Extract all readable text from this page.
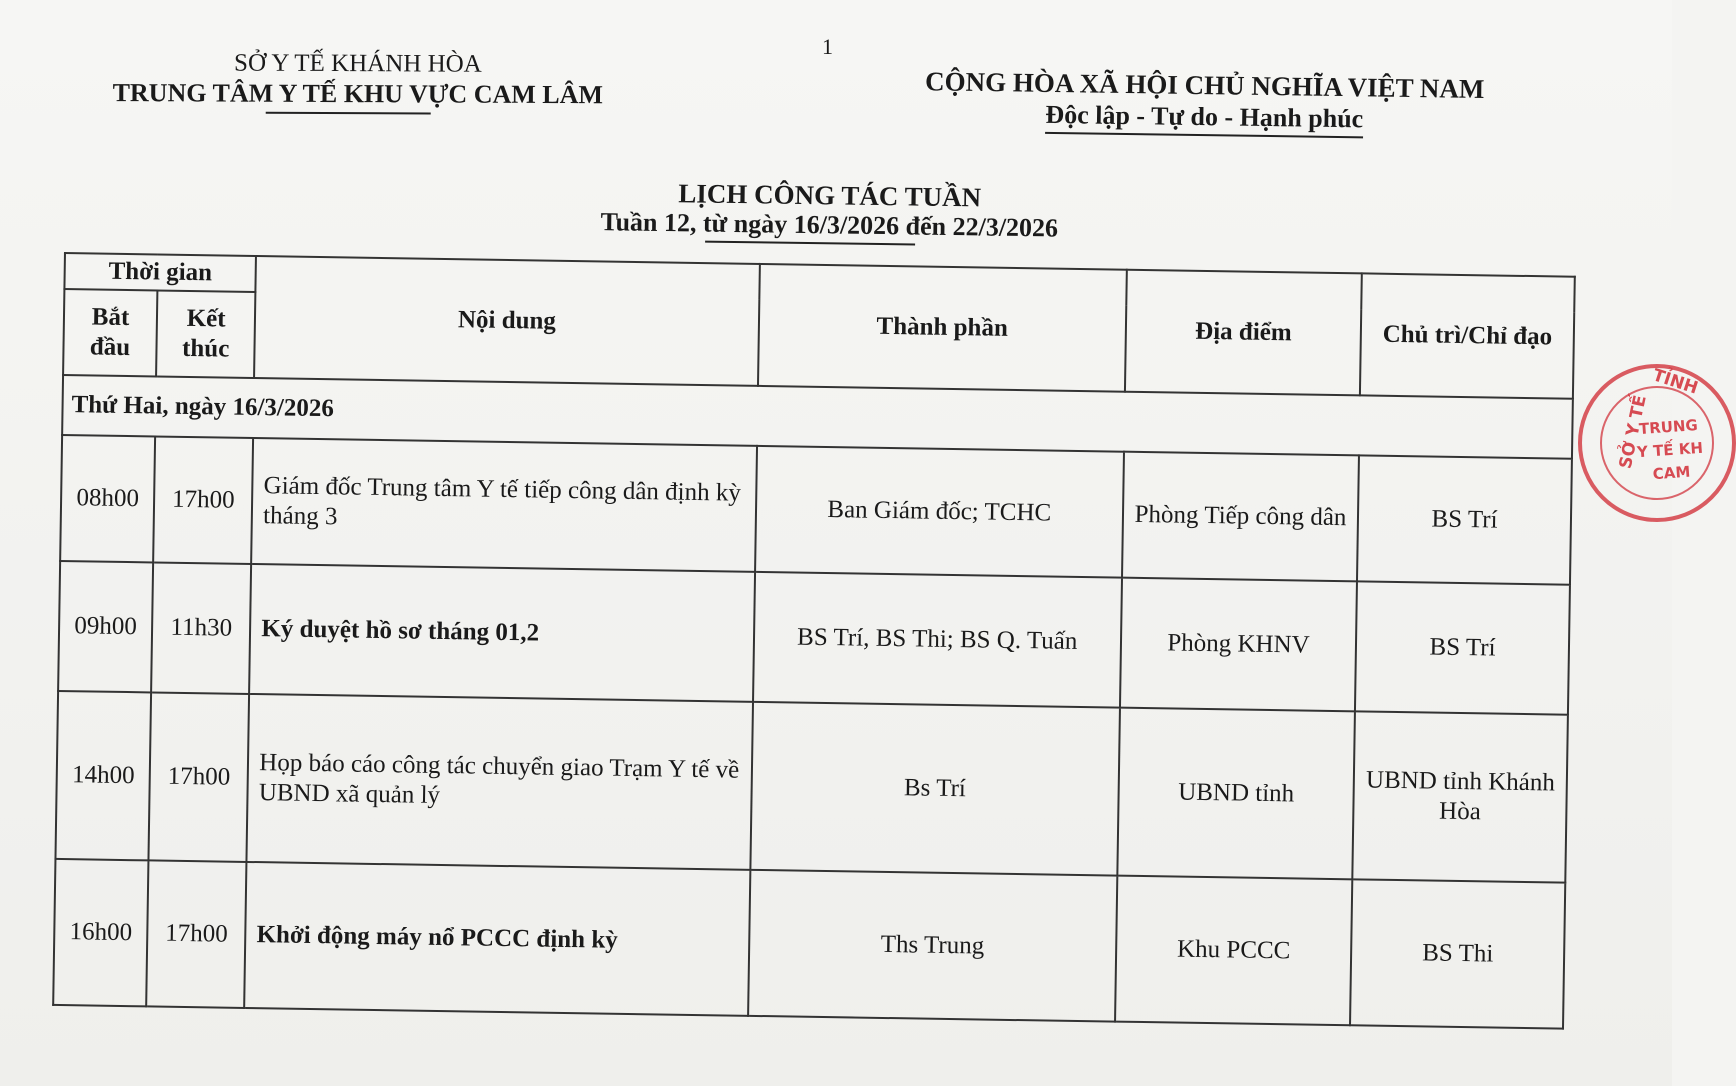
1
SỞ Y TẾ KHÁNH HÒA
TRUNG TÂM Y TẾ KHU VỰC CAM LÂM	CỘNG HÒA XÃ HỘI CHỦ NGHĨA VIỆT NAM
Độc lập - Tự do - Hạnh phúc
LỊCH CÔNG TÁC TUẦN
Tuần 12, từ ngày 16/3/2026 đến 22/3/2026
Thời gian		Nội dung	Thành phần	Địa điểm	Chủ trì/Chỉ đạo
Bắt đầu	Kết thúc				
Thứ Hai, ngày 16/3/2026					
08h00	17h00	Giám đốc Trung tâm Y tế tiếp công dân định kỳ tháng 3	Ban Giám đốc; TCHC	Phòng Tiếp công dân	BS Trí
09h00	11h30	Ký duyệt hồ sơ tháng 01,2	BS Trí, BS Thi; BS Q. Tuấn	Phòng KHNV	BS Trí
14h00	17h00	Họp báo cáo công tác chuyển giao Trạm Y tế về UBND xã quản lý	Bs Trí	UBND tỉnh	UBND tỉnh Khánh Hòa
16h00	17h00	Khởi động máy nổ PCCC định kỳ	Ths Trung	Khu PCCC	BS Thi
TỈNH
SỞ Y TẾ
TRUNG
Y TẾ KH
CAM
